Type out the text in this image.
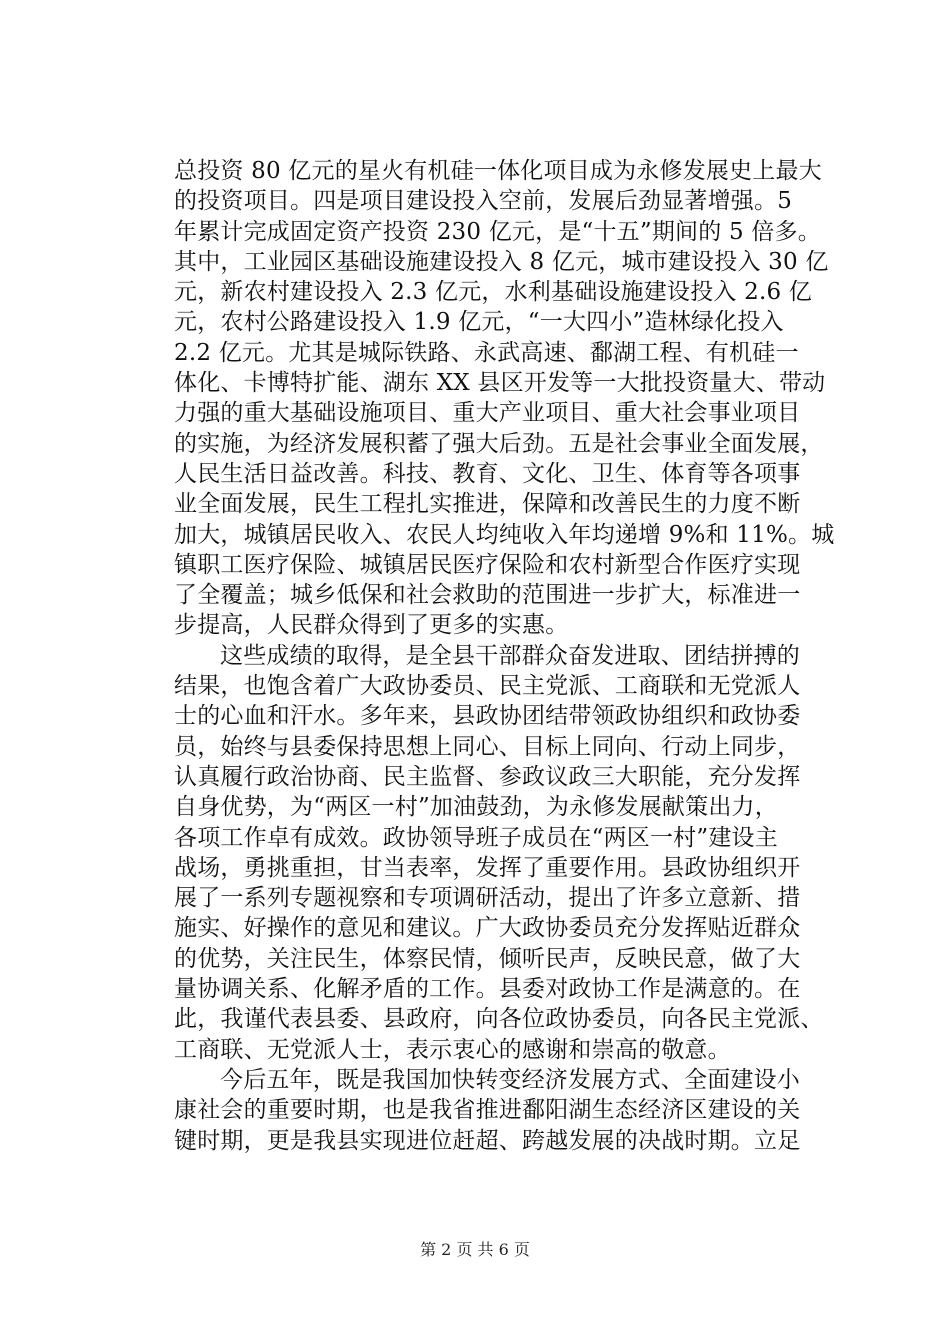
总投资 80 亿元的星火有机硅一体化项目成为永修发展史上最大
的投资项目。四是项目建设投入空前，发展后劲显著增强。5
年累计完成固定资产投资 230 亿元，是“十五”期间的 5 倍多。
其中，工业园区基础设施建设投入 8 亿元，城市建设投入 30 亿
元，新农村建设投入 2.3 亿元，水利基础设施建设投入 2.6 亿
元，农村公路建设投入 1.9 亿元，“一大四小”造林绿化投入
2.2 亿元。尤其是城际铁路、永武高速、鄱湖工程、有机硅一
体化、卡博特扩能、湖东 XX 县区开发等一大批投资量大、带动
力强的重大基础设施项目、重大产业项目、重大社会事业项目
的实施，为经济发展积蓄了强大后劲。五是社会事业全面发展，
人民生活日益改善。科技、教育、文化、卫生、体育等各项事
业全面发展，民生工程扎实推进，保障和改善民生的力度不断
加大，城镇居民收入、农民人均纯收入年均递增 9%和 11%。城
镇职工医疗保险、城镇居民医疗保险和农村新型合作医疗实现
了全覆盖；城乡低保和社会救助的范围进一步扩大，标准进一
步提高，人民群众得到了更多的实惠。
这些成绩的取得，是全县干部群众奋发进取、团结拼搏的
结果，也饱含着广大政协委员、民主党派、工商联和无党派人
士的心血和汗水。多年来，县政协团结带领政协组织和政协委
员，始终与县委保持思想上同心、目标上同向、行动上同步，
认真履行政治协商、民主监督、参政议政三大职能，充分发挥
自身优势，为“两区一村”加油鼓劲，为永修发展献策出力，
各项工作卓有成效。政协领导班子成员在“两区一村”建设主
战场，勇挑重担，甘当表率，发挥了重要作用。县政协组织开
展了一系列专题视察和专项调研活动，提出了许多立意新、措
施实、好操作的意见和建议。广大政协委员充分发挥贴近群众
的优势，关注民生，体察民情，倾听民声，反映民意，做了大
量协调关系、化解矛盾的工作。县委对政协工作是满意的。在
此，我谨代表县委、县政府，向各位政协委员，向各民主党派、
工商联、无党派人士，表示衷心的感谢和崇高的敬意。
今后五年，既是我国加快转变经济发展方式、全面建设小
康社会的重要时期，也是我省推进鄱阳湖生态经济区建设的关
键时期，更是我县实现进位赶超、跨越发展的决战时期。立足
第 2 页 共 6 页
